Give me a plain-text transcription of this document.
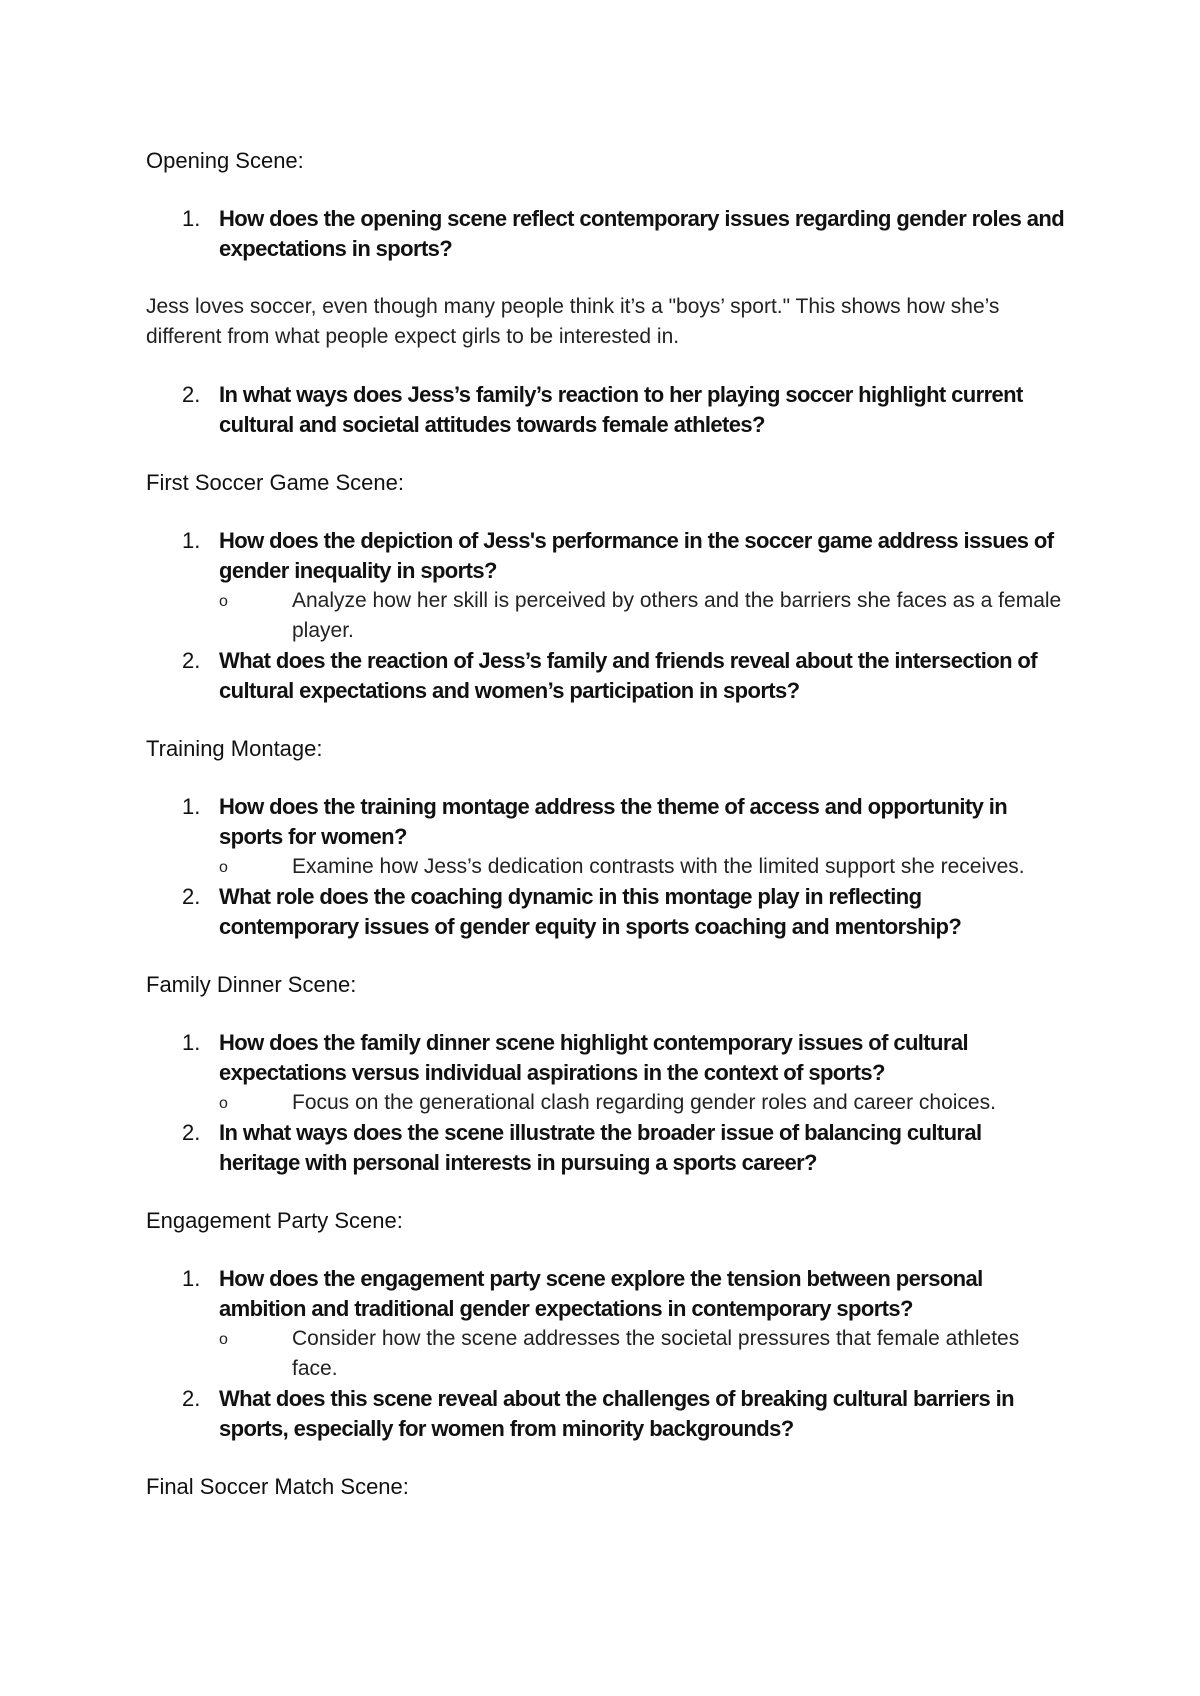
Opening Scene:
1. How does the opening scene reflect contemporary issues regarding gender roles and expectations in sports?

Jess loves soccer, even though many people think it’s a "boys’ sport." This shows how she’s different from what people expect girls to be interested in.

2. In what ways does Jess’s family’s reaction to her playing soccer highlight current cultural and societal attitudes towards female athletes?
First Soccer Game Scene:
1. How does the depiction of Jess's performance in the soccer game address issues of gender inequality in sports?
o	Analyze how her skill is perceived by others and the barriers she faces as a female player.
2. What does the reaction of Jess’s family and friends reveal about the intersection of cultural expectations and women’s participation in sports?
Training Montage:
1. How does the training montage address the theme of access and opportunity in sports for women?
o	Examine how Jess’s dedication contrasts with the limited support she receives.
2. What role does the coaching dynamic in this montage play in reflecting contemporary issues of gender equity in sports coaching and mentorship?
Family Dinner Scene:
1. How does the family dinner scene highlight contemporary issues of cultural expectations versus individual aspirations in the context of sports?
o	Focus on the generational clash regarding gender roles and career choices.
2. In what ways does the scene illustrate the broader issue of balancing cultural heritage with personal interests in pursuing a sports career?
Engagement Party Scene:
1. How does the engagement party scene explore the tension between personal ambition and traditional gender expectations in contemporary sports?
o	Consider how the scene addresses the societal pressures that female athletes face.
2. What does this scene reveal about the challenges of breaking cultural barriers in sports, especially for women from minority backgrounds?
Final Soccer Match Scene:
